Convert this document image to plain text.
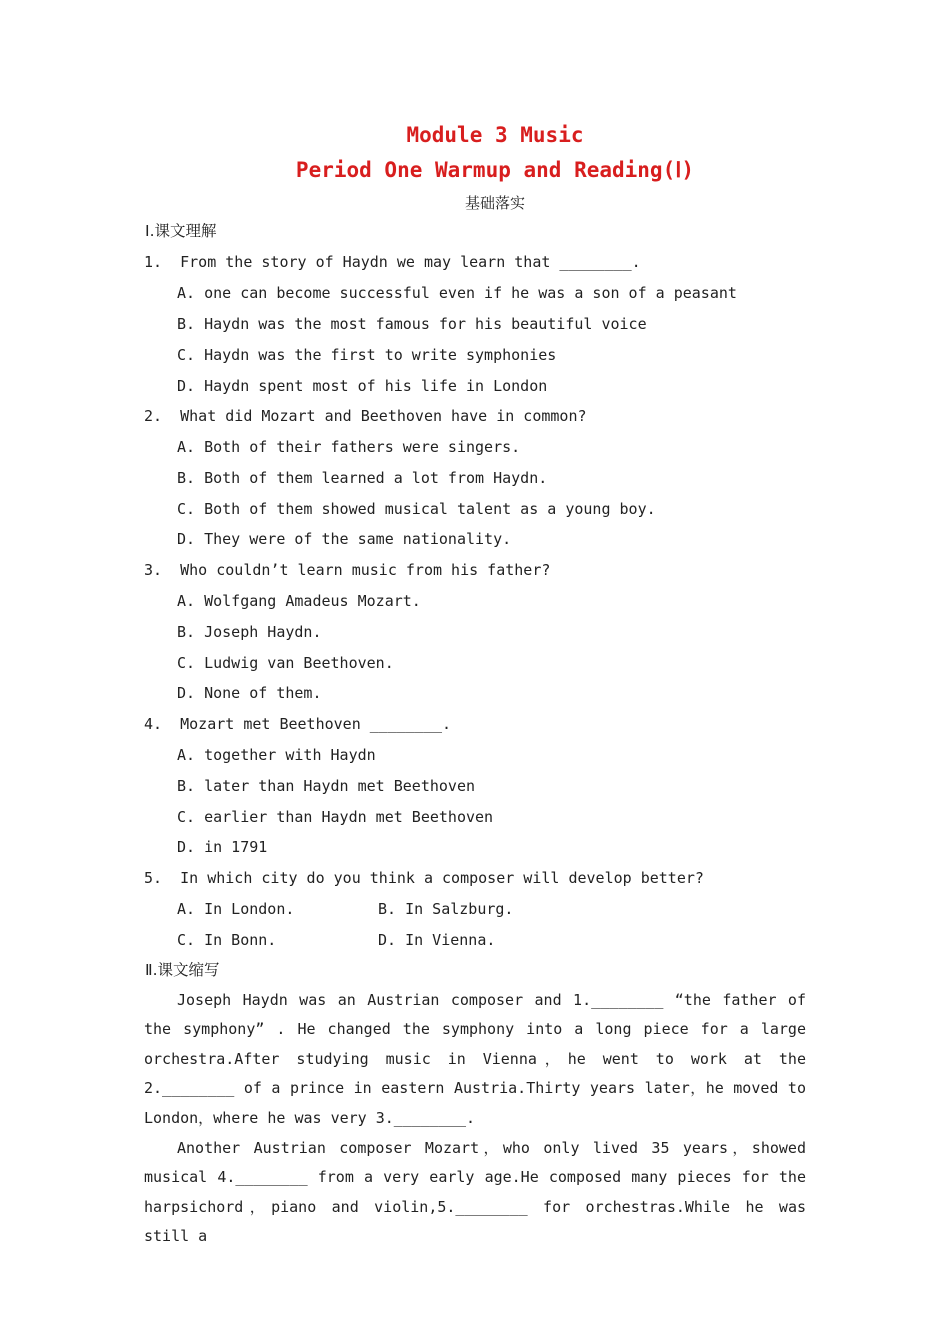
Module 3 Music
Period One Warmup and Reading(Ⅰ)
基础落实
Ⅰ.课文理解
1.  From the story of Haydn we may learn that ________.
A. one can become successful even if he was a son of a peasant
B. Haydn was the most famous for his beautiful voice
C. Haydn was the first to write symphonies
D. Haydn spent most of his life in London
2.  What did Mozart and Beethoven have in common?
A. Both of their fathers were singers.
B. Both of them learned a lot from Haydn.
C. Both of them showed musical talent as a young boy.
D. They were of the same nationality.
3.  Who couldn’t learn music from his father?
A. Wolfgang Amadeus Mozart.
B. Joseph Haydn.
C. Ludwig van Beethoven.
D. None of them.
4.  Mozart met Beethoven ________.
A. together with Haydn
B. later than Haydn met Beethoven
C. earlier than Haydn met Beethoven
D. in 1791
5.  In which city do you think a composer will develop better?
A. In London.	B. In Salzburg.
C. In Bonn.	D. In Vienna.
Ⅱ.课文缩写
Joseph Haydn was an Austrian composer and 1.________ “the father of the symphony” . He changed the symphony into a long piece for a large orchestra.After studying music in Vienna，he went to work at the 2.________ of a prince in eastern Austria.Thirty years later，he moved to London，where he was very 3.________.
Another Austrian composer Mozart，who only lived 35 years，showed musical 4.________ from a very early age.He composed many pieces for the harpsichord，piano and violin,5.________ for orchestras.While he was still a
